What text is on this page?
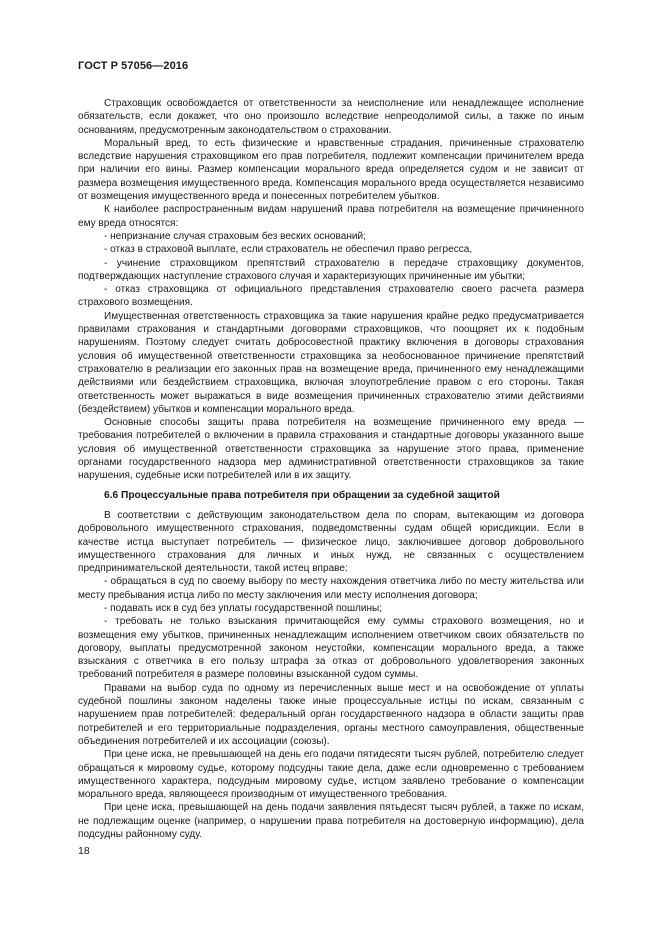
ГОСТ Р 57056—2016

Страховщик освобождается от ответственности за неисполнение или ненадлежащее исполнение обязательств, если докажет, что оно произошло вследствие непреодолимой силы, а также по иным основаниям, предусмотренным законодательством о страховании.

Моральный вред, то есть физические и нравственные страдания, причиненные страхователю вследствие нарушения страховщиком его прав потребителя, подлежит компенсации причинителем вреда при наличии его вины. Размер компенсации морального вреда определяется судом и не зависит от размера возмещения имущественного вреда. Компенсация морального вреда осуществляется независимо от возмещения имущественного вреда и понесенных потребителем убытков.

К наиболее распространенным видам нарушений права потребителя на возмещение причиненного ему вреда относятся:

- непризнание случая страховым без веских оснований;

- отказ в страховой выплате, если страхователь не обеспечил право регресса,

- учинение страховщиком препятствий страхователю в передаче страховщику документов, подтверждающих наступление страхового случая и характеризующих причиненные им убытки;

- отказ страховщика от официального представления страхователю своего расчета размера страхового возмещения.

Имущественная ответственность страховщика за такие нарушения крайне редко предусматривается правилами страхования и стандартными договорами страховщиков, что поощряет их к подобным нарушениям. Поэтому следует считать добросовестной практику включения в договоры страхования условия об имущественной ответственности страховщика за необоснованное причинение препятствий страхователю в реализации его законных прав на возмещение вреда, причиненного ему ненадлежащими действиями или бездействием страховщика, включая злоупотребление правом с его стороны. Такая ответственность может выражаться в виде возмещения причиненных страхователю этими действиями (бездействием) убытков и компенсации морального вреда.

Основные способы защиты права потребителя на возмещение причиненного ему вреда — требования потребителей о включении в правила страхования и стандартные договоры указанного выше условия об имущественной ответственности страховщика за нарушение этого права, применение органами государственного надзора мер административной ответственности страховщиков за такие нарушения, судебные иски потребителей или в их защиту.

6.6 Процессуальные права потребителя при обращении за судебной защитой

В соответствии с действующим законодательством дела по спорам, вытекающим из договора добровольного имущественного страхования, подведомственны судам общей юрисдикции. Если в качестве истца выступает потребитель — физическое лицо, заключившее договор добровольного имущественного страхования для личных и иных нужд, не связанных с осуществлением предпринимательской деятельности, такой истец вправе:

- обращаться в суд по своему выбору по месту нахождения ответчика либо по месту жительства или месту пребывания истца либо по месту заключения или месту исполнения договора;

- подавать иск в суд без уплаты государственной пошлины;

- требовать не только взыскания причитающейся ему суммы страхового возмещения, но и возмещения ему убытков, причиненных ненадлежащим исполнением ответчиком своих обязательств по договору, выплаты предусмотренной законом неустойки, компенсации морального вреда, а также взыскания с ответчика в его пользу штрафа за отказ от добровольного удовлетворения законных требований потребителя в размере половины взысканной судом суммы.

Правами на выбор суда по одному из перечисленных выше мест и на освобождение от уплаты судебной пошлины законом наделены также иные процессуальные истцы по искам, связанным с нарушением прав потребителей: федеральный орган государственного надзора в области защиты прав потребителей и его территориальные подразделения, органы местного самоуправления, общественные объединения потребителей и их ассоциации (союзы).

При цене иска, не превышающей на день его подачи пятидесяти тысяч рублей, потребителю следует обращаться к мировому судье, которому подсудны такие дела, даже если одновременно с требованием имущественного характера, подсудным мировому судье, истцом заявлено требование о компенсации морального вреда, являющееся производным от имущественного требования.

При цене иска, превышающей на день подачи заявления пятьдесят тысяч рублей, а также по искам, не подлежащим оценке (например, о нарушении права потребителя на достоверную информацию), дела подсудны районному суду.

18
